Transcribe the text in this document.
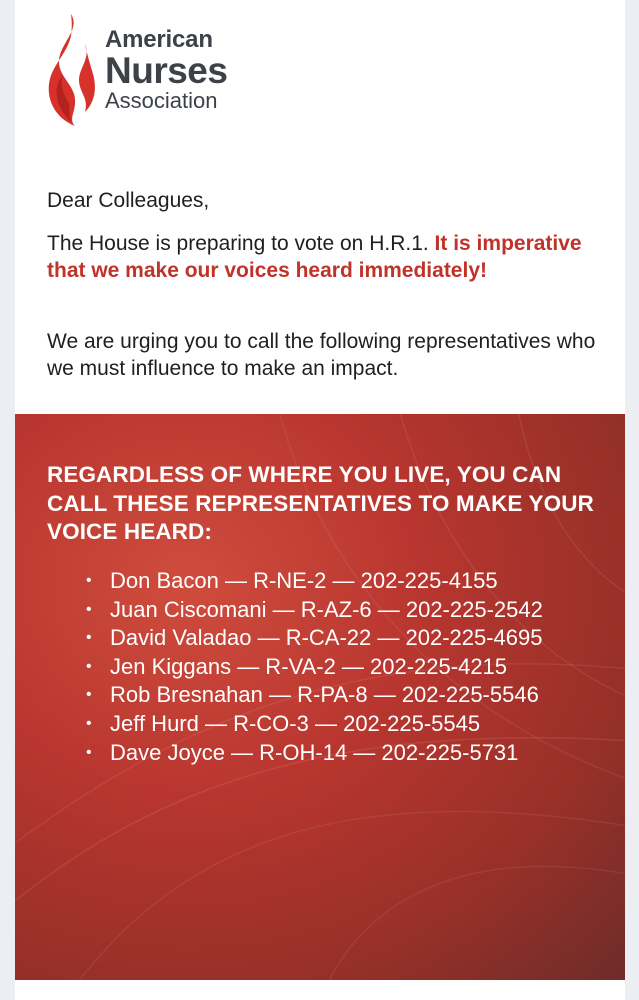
American
Nurses
Association

Dear Colleagues,

The House is preparing to vote on H.R.1. It is imperative that we make our voices heard immediately!

We are urging you to call the following representatives who we must influence to make an impact.

REGARDLESS OF WHERE YOU LIVE, YOU CAN CALL THESE REPRESENTATIVES TO MAKE YOUR VOICE HEARD:
• Don Bacon — R-NE-2 — 202-225-4155
• Juan Ciscomani — R-AZ-6 — 202-225-2542
• David Valadao — R-CA-22 — 202-225-4695
• Jen Kiggans — R-VA-2 — 202-225-4215
• Rob Bresnahan — R-PA-8 — 202-225-5546
• Jeff Hurd — R-CO-3 — 202-225-5545
• Dave Joyce — R-OH-14 — 202-225-5731
